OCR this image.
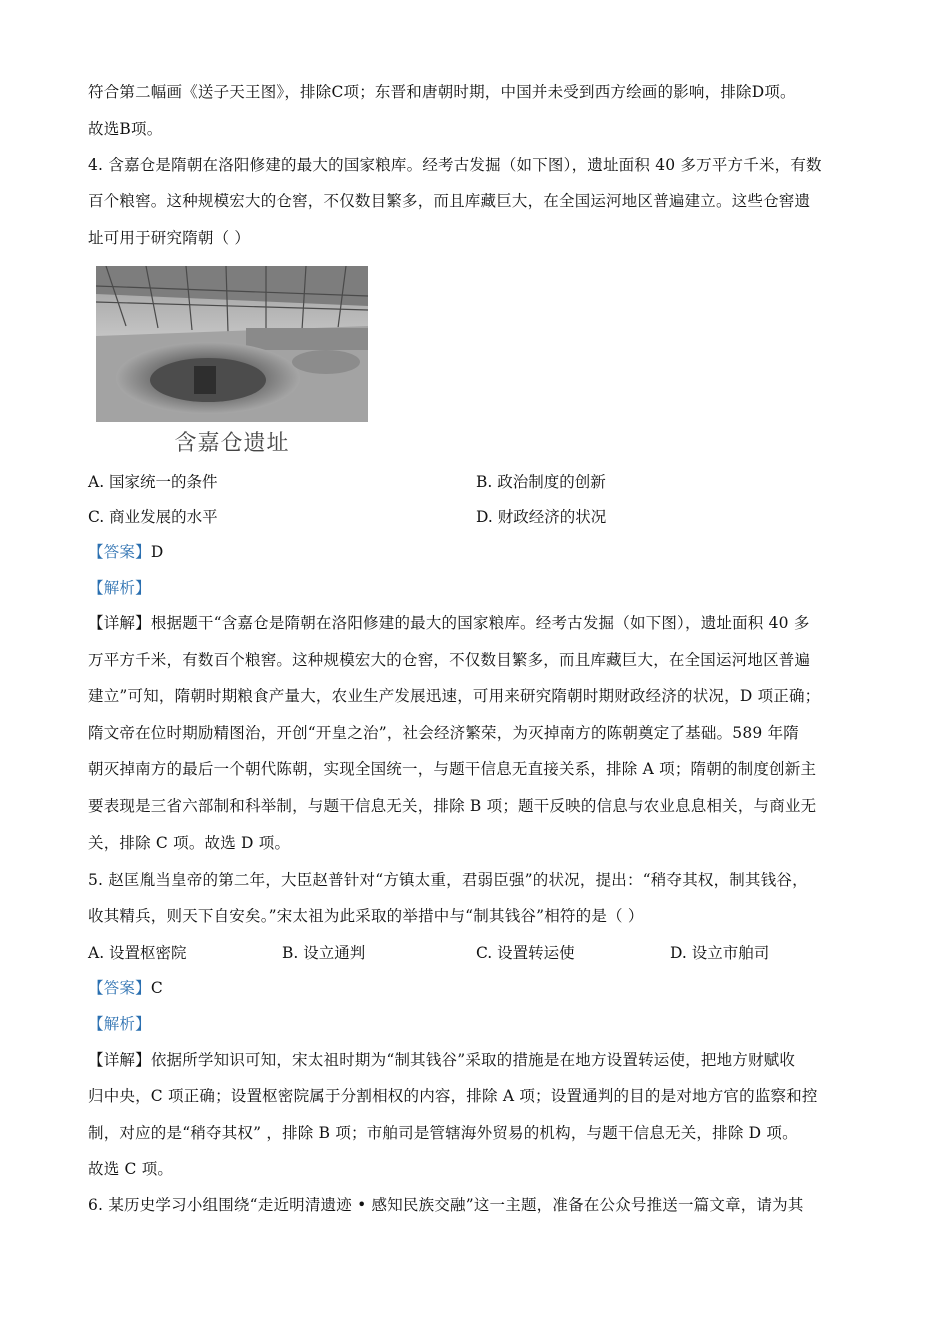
符合第二幅画《送子天王图》，排除C项；东晋和唐朝时期，中国并未受到西方绘画的影响，排除D项。
故选B项。
4. 含嘉仓是隋朝在洛阳修建的最大的国家粮库。经考古发掘（如下图），遗址面积 40 多万平方千米，有数
百个粮窖。这种规模宏大的仓窖，不仅数目繁多，而且库藏巨大，在全国运河地区普遍建立。这些仓窖遗
址可用于研究隋朝（ ）
含嘉仓遗址
A. 国家统一的条件	B. 政治制度的创新
C. 商业发展的水平	D. 财政经济的状况
【答案】D
【解析】
【详解】根据题干“含嘉仓是隋朝在洛阳修建的最大的国家粮库。经考古发掘（如下图），遗址面积 40 多
万平方千米，有数百个粮窖。这种规模宏大的仓窖，不仅数目繁多，而且库藏巨大，在全国运河地区普遍
建立”可知，隋朝时期粮食产量大，农业生产发展迅速，可用来研究隋朝时期财政经济的状况，D 项正确；
隋文帝在位时期励精图治，开创“开皇之治”，社会经济繁荣，为灭掉南方的陈朝奠定了基础。589 年隋
朝灭掉南方的最后一个朝代陈朝，实现全国统一，与题干信息无直接关系，排除 A 项；隋朝的制度创新主
要表现是三省六部制和科举制，与题干信息无关，排除 B 项；题干反映的信息与农业息息相关，与商业无
关，排除 C 项。故选 D 项。
5. 赵匡胤当皇帝的第二年，大臣赵普针对“方镇太重，君弱臣强”的状况，提出：“稍夺其权，制其钱谷，
收其精兵，则天下自安矣。”宋太祖为此采取的举措中与“制其钱谷”相符的是（ ）
A. 设置枢密院	B. 设立通判	C. 设置转运使	D. 设立市舶司
【答案】C
【解析】
【详解】依据所学知识可知，宋太祖时期为“制其钱谷”采取的措施是在地方设置转运使，把地方财赋收
归中央，C 项正确；设置枢密院属于分割相权的内容，排除 A 项；设置通判的目的是对地方官的监察和控
制，对应的是“稍夺其权” ，排除 B 项；市舶司是管辖海外贸易的机构，与题干信息无关，排除 D 项。
故选 C 项。
6. 某历史学习小组围绕“走近明清遗迹 • 感知民族交融”这一主题，准备在公众号推送一篇文章，请为其
